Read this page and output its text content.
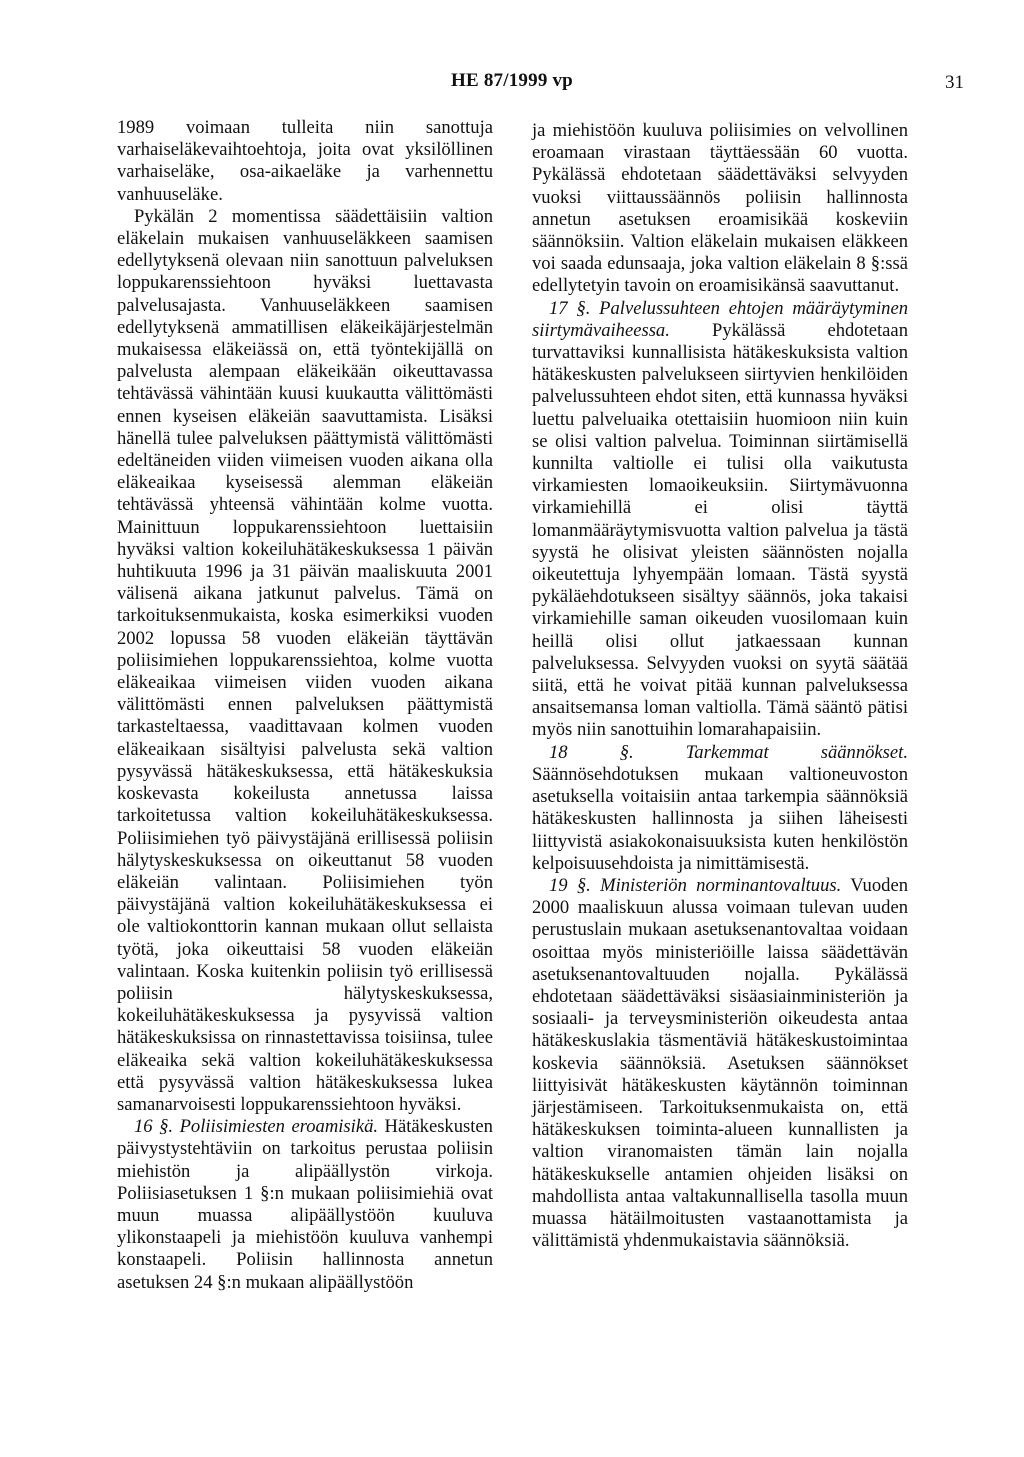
HE 87/1999 vp	31

1989 voimaan tulleita niin sanottuja varhaiseläkevaihtoehtoja, joita ovat yksilöllinen varhaiseläke, osa-aikaeläke ja varhennettu vanhuuseläke.

Pykälän 2 momentissa säädettäisiin valtion eläkelain mukaisen vanhuuseläkkeen saamisen edellytyksenä olevaan niin sanottuun palveluksen loppukarenssiehtoon hyväksi luettavasta palvelusajasta. Vanhuuseläkkeen saamisen edellytyksenä ammatillisen eläkeikäjärjestelmän mukaisessa eläkeiässä on, että työntekijällä on palvelusta alempaan eläkeikään oikeuttavassa tehtävässä vähintään kuusi kuukautta välittömästi ennen kyseisen eläkeiän saavuttamista. Lisäksi hänellä tulee palveluksen päättymistä välittömästi edeltäneiden viiden viimeisen vuoden aikana olla eläkeaikaa kyseisessä alemman eläkeiän tehtävässä yhteensä vähintään kolme vuotta. Mainittuun loppukarenssiehtoon luettaisiin hyväksi valtion kokeiluhätäkeskuksessa 1 päivän huhtikuuta 1996 ja 31 päivän maaliskuuta 2001 välisenä aikana jatkunut palvelus. Tämä on tarkoituksenmukaista, koska esimerkiksi vuoden 2002 lopussa 58 vuoden eläkeiän täyttävän poliisimiehen loppukarenssiehtoa, kolme vuotta eläkeaikaa viimeisen viiden vuoden aikana välittömästi ennen palveluksen päättymistä tarkasteltaessa, vaadittavaan kolmen vuoden eläkeaikaan sisältyisi palvelusta sekä valtion pysyvässä hätäkeskuksessa, että hätäkeskuksia koskevasta kokeilusta annetussa laissa tarkoitetussa valtion kokeiluhätäkeskuksessa. Poliisimiehen työ päivystäjänä erillisessä poliisin hälytyskeskuksessa on oikeuttanut 58 vuoden eläkeiän valintaan. Poliisimiehen työn päivystäjänä valtion kokeiluhätäkeskuksessa ei ole valtiokonttorin kannan mukaan ollut sellaista työtä, joka oikeuttaisi 58 vuoden eläkeiän valintaan. Koska kuitenkin poliisin työ erillisessä poliisin hälytyskeskuksessa, kokeiluhätäkeskuksessa ja pysyvissä valtion hätäkeskuksissa on rinnastettavissa toisiinsa, tulee eläkeaika sekä valtion kokeiluhätäkeskuksessa että pysyvässä valtion hätäkeskuksessa lukea samanarvoisesti loppukarenssiehtoon hyväksi.

16 §. Poliisimiesten eroamisikä. Hätäkeskusten päivystystehtäviin on tarkoitus perustaa poliisin miehistön ja alipäällystön virkoja. Poliisiasetuksen 1 §:n mukaan poliisimiehiä ovat muun muassa alipäällystöön kuuluva ylikonstaapeli ja miehistöön kuuluva vanhempi konstaapeli. Poliisin hallinnosta annetun asetuksen 24 §:n mukaan alipäällystöön

ja miehistöön kuuluva poliisimies on velvollinen eroamaan virastaan täyttäessään 60 vuotta. Pykälässä ehdotetaan säädettäväksi selvyyden vuoksi viittaussäännös poliisin hallinnosta annetun asetuksen eroamisikää koskeviin säännöksiin. Valtion eläkelain mukaisen eläkkeen voi saada edunsaaja, joka valtion eläkelain 8 §:ssä edellytetyin tavoin on eroamisikänsä saavuttanut.

17 §. Palvelussuhteen ehtojen määräytyminen siirtymävaiheessa. Pykälässä ehdotetaan turvattaviksi kunnallisista hätäkeskuksista valtion hätäkeskusten palvelukseen siirtyvien henkilöiden palvelussuhteen ehdot siten, että kunnassa hyväksi luettu palveluaika otettaisiin huomioon niin kuin se olisi valtion palvelua. Toiminnan siirtämisellä kunnilta valtiolle ei tulisi olla vaikutusta virkamiesten lomaoikeuksiin. Siirtymävuonna virkamiehillä ei olisi täyttä lomanmääräytymisvuotta valtion palvelua ja tästä syystä he olisivat yleisten säännösten nojalla oikeutettuja lyhyempään lomaan. Tästä syystä pykäläehdotukseen sisältyy säännös, joka takaisi virkamiehille saman oikeuden vuosilomaan kuin heillä olisi ollut jatkaessaan kunnan palveluksessa. Selvyyden vuoksi on syytä säätää siitä, että he voivat pitää kunnan palveluksessa ansaitsemansa loman valtiolla. Tämä sääntö pätisi myös niin sanottuihin lomarahapaisiin.

18 §. Tarkemmat säännökset. Säännösehdotuksen mukaan valtioneuvoston asetuksella voitaisiin antaa tarkempia säännöksiä hätäkeskusten hallinnosta ja siihen läheisesti liittyvistä asiakokonaisuuksista kuten henkilöstön kelpoisuusehdoista ja nimittämisestä.

19 §. Ministeriön norminantovaltuus. Vuoden 2000 maaliskuun alussa voimaan tulevan uuden perustuslain mukaan asetuksenantovaltaa voidaan osoittaa myös ministeriöille laissa säädettävän asetuksenantovaltuuden nojalla. Pykälässä ehdotetaan säädettäväksi sisäasiainministeriön ja sosiaali- ja terveysministeriön oikeudesta antaa hätäkeskuslakia täsmentäviä hätäkeskustoimintaa koskevia säännöksiä. Asetuksen säännökset liittyisivät hätäkeskusten käytännön toiminnan järjestämiseen. Tarkoituksenmukaista on, että hätäkeskuksen toiminta-alueen kunnallisten ja valtion viranomaisten tämän lain nojalla hätäkeskukselle antamien ohjeiden lisäksi on mahdollista antaa valtakunnallisella tasolla muun muassa hätäilmoitusten vastaanottamista ja välittämistä yhdenmukaistavia säännöksiä.
